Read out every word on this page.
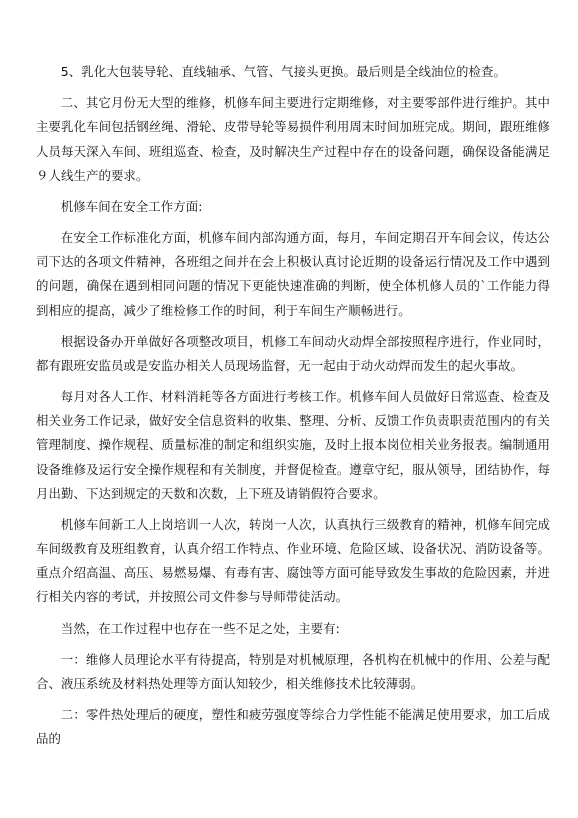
5、乳化大包装导轮、直线轴承、气管、气接头更换。最后则是全线油位的检查。

二、其它月份无大型的维修，机修车间主要进行定期维修，对主要零部件进行维护。其中主要乳化车间包括钢丝绳、滑轮、皮带导轮等易损件利用周末时间加班完成。期间，跟班维修人员每天深入车间、班组巡查、检查，及时解决生产过程中存在的设备问题，确保设备能满足９人线生产的要求。

机修车间在安全工作方面:

在安全工作标准化方面，机修车间内部沟通方面，每月，车间定期召开车间会议，传达公司下达的各项文件精神，各班组之间并在会上积极认真讨论近期的设备运行情况及工作中遇到的问题，确保在遇到相同问题的情况下更能快速准确的判断，使全体机修人员的`工作能力得到相应的提高，减少了维检修工作的时间，利于车间生产顺畅进行。

根据设备办开单做好各项整改项目，机修工车间动火动焊全部按照程序进行，作业同时，都有跟班安监员或是安监办相关人员现场监督，无一起由于动火动焊而发生的起火事故。

每月对各人工作、材料消耗等各方面进行考核工作。机修车间人员做好日常巡查、检查及相关业务工作记录，做好安全信息资料的收集、整理、分析、反馈工作负责职责范围内的有关管理制度、操作规程、质量标准的制定和组织实施，及时上报本岗位相关业务报表。编制通用设备维修及运行安全操作规程和有关制度，并督促检查。遵章守纪，服从领导，团结协作，每月出勤、下达到规定的天数和次数，上下班及请销假符合要求。

机修车间新工人上岗培训一人次，转岗一人次，认真执行三级教育的精神，机修车间完成车间级教育及班组教育，认真介绍工作特点、作业环境、危险区域、设备状况、消防设备等。重点介绍高温、高压、易燃易爆、有毒有害、腐蚀等方面可能导致发生事故的危险因素，并进行相关内容的考试，并按照公司文件参与导师带徒活动。

当然，在工作过程中也存在一些不足之处，主要有:

一：维修人员理论水平有待提高，特别是对机械原理，各机构在机械中的作用、公差与配合、液压系统及材料热处理等方面认知较少，相关维修技术比较薄弱。

二：零件热处理后的硬度，塑性和疲劳强度等综合力学性能不能满足使用要求，加工后成品的
